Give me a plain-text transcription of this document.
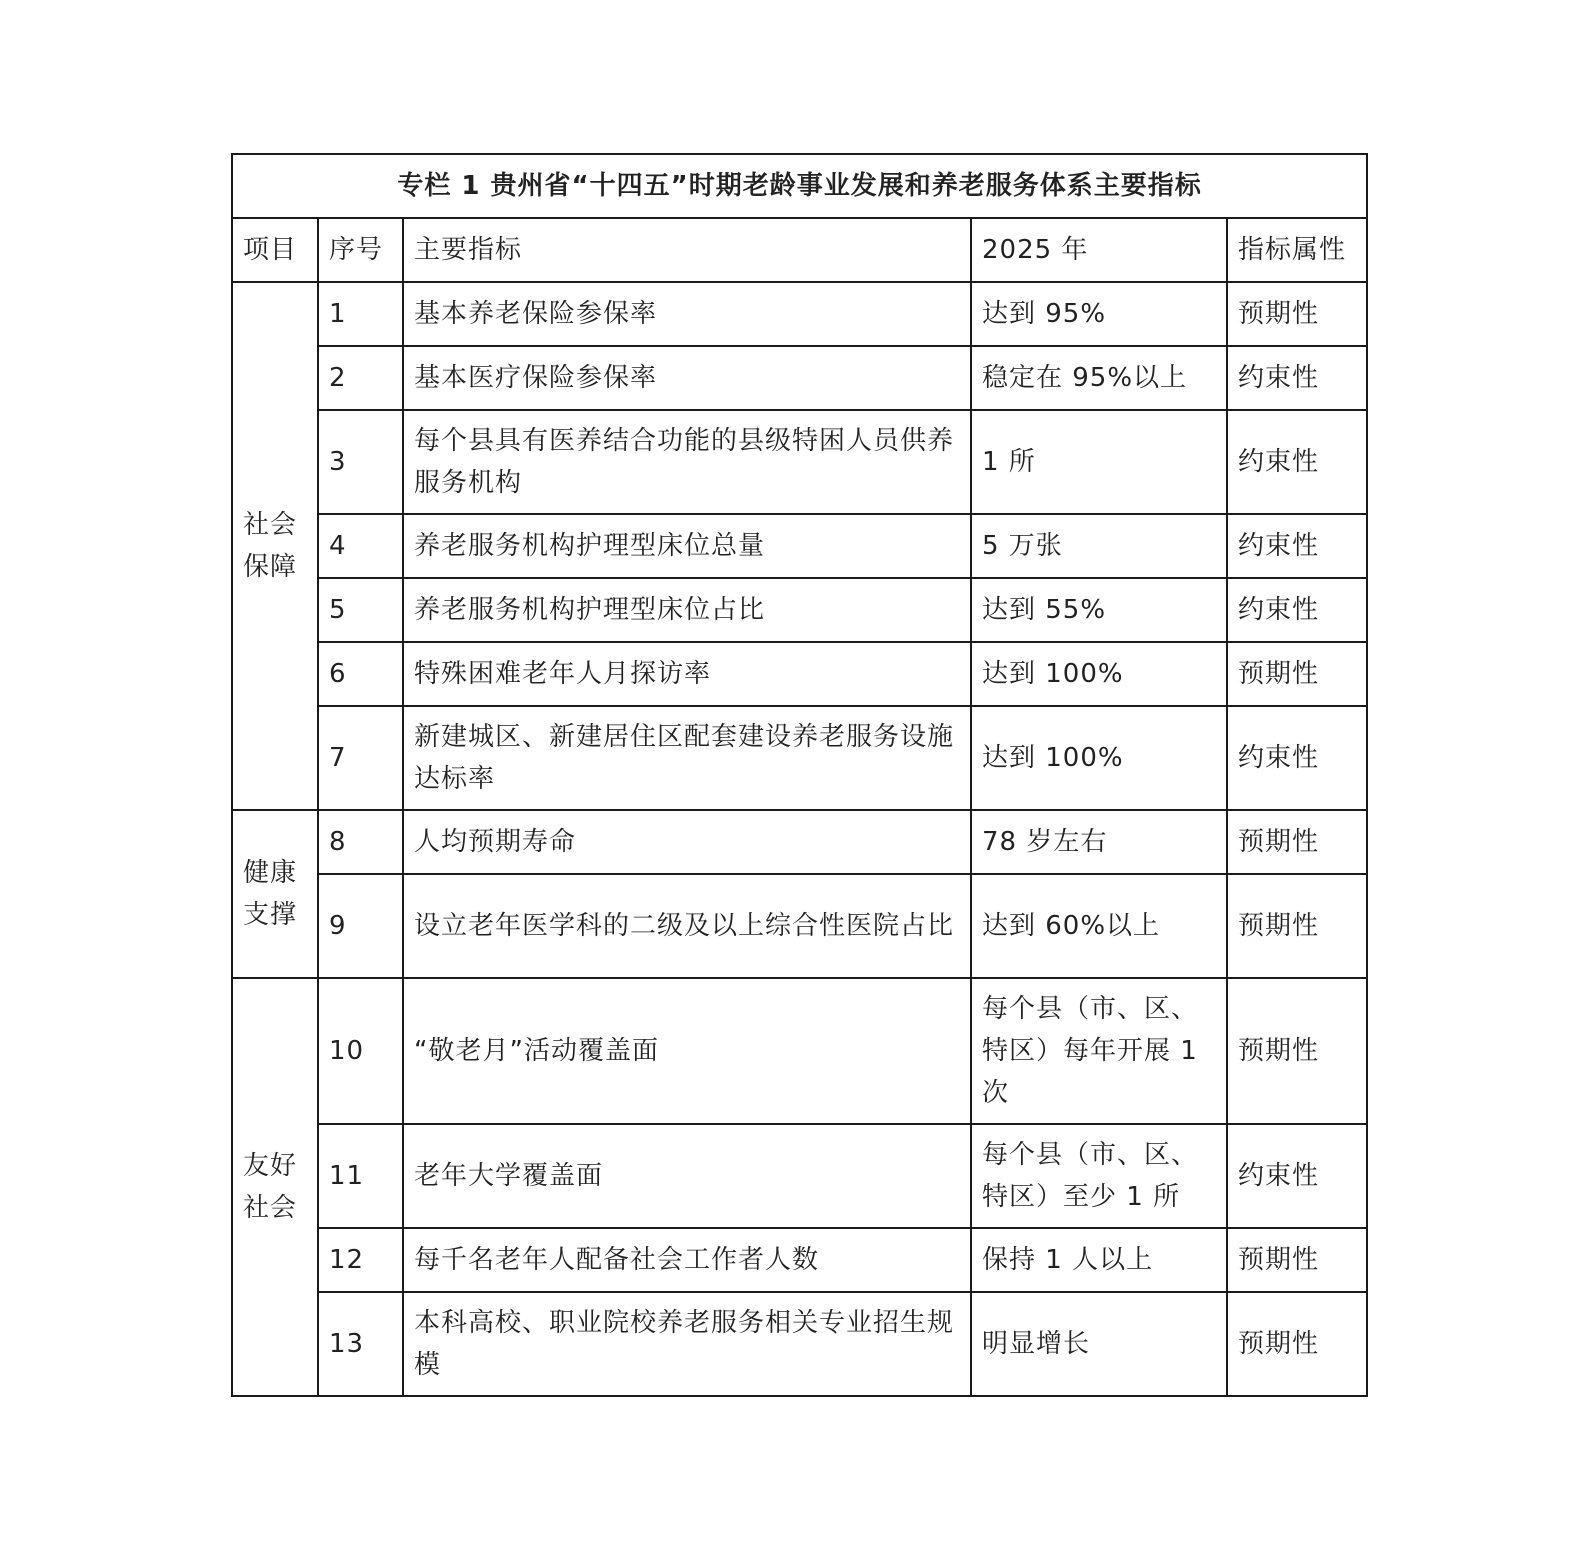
专栏 1 贵州省“十四五”时期老龄事业发展和养老服务体系主要指标				
项目	序号	主要指标	2025 年	指标属性

社会保障	1	基本养老保险参保率	达到 95%	预期性
	2	基本医疗保险参保率	稳定在 95%以上	约束性
	3	每个县具有医养结合功能的县级特困人员供养服务机构	1 所	约束性
	4	养老服务机构护理型床位总量	5 万张	约束性
	5	养老服务机构护理型床位占比	达到 55%	约束性
	6	特殊困难老年人月探访率	达到 100%	预期性
	7	新建城区、新建居住区配套建设养老服务设施达标率	达到 100%	约束性

健康支撑	8	人均预期寿命	78 岁左右	预期性
	9	设立老年医学科的二级及以上综合性医院占比	达到 60%以上	预期性

友好社会	10	“敬老月”活动覆盖面	每个县（市、区、特区）每年开展 1 次	预期性
	11	老年大学覆盖面	每个县（市、区、特区）至少 1 所	约束性
	12	每千名老年人配备社会工作者人数	保持 1 人以上	预期性
	13	本科高校、职业院校养老服务相关专业招生规模	明显增长	预期性
